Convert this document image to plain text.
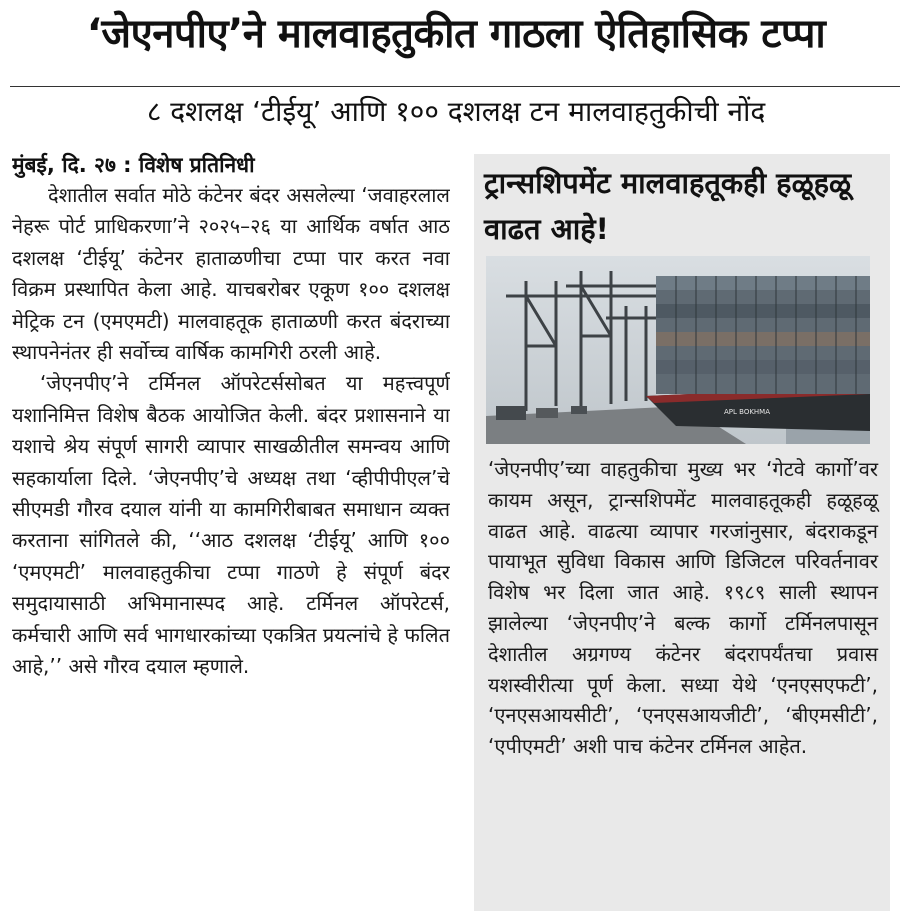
‘जेएनपीए’ने मालवाहतुकीत गाठला ऐतिहासिक टप्पा
८ दशलक्ष ‘टीईयू’ आणि १०० दशलक्ष टन मालवाहतुकीची नोंद
मुंबई, दि. २७ : विशेष प्रतिनिधी

देशातील सर्वात मोठे कंटेनर बंदर असलेल्या ‘जवाहरलाल नेहरू पोर्ट प्राधिकरणा’ने २०२५–२६ या आर्थिक वर्षात आठ दशलक्ष ‘टीईयू’ कंटेनर हाताळणीचा टप्पा पार करत नवा विक्रम प्रस्थापित केला आहे. याचबरोबर एकूण १०० दशलक्ष मेट्रिक टन (एमएमटी) मालवाहतूक हाताळणी करत बंदराच्या स्थापनेनंतर ही सर्वोच्च वार्षिक कामगिरी ठरली आहे.

‘जेएनपीए’ने टर्मिनल ऑपरेटर्ससोबत या महत्त्वपूर्ण यशानिमित्त विशेष बैठक आयोजित केली. बंदर प्रशासनाने या यशाचे श्रेय संपूर्ण सागरी व्यापार साखळीतील समन्वय आणि सहकार्याला दिले. ‘जेएनपीए’चे अध्यक्ष तथा ‘व्हीपीपीएल’चे सीएमडी गौरव दयाल यांनी या कामगिरीबाबत समाधान व्यक्त करताना सांगितले की, ‘‘आठ दशलक्ष ‘टीईयू’ आणि १०० ‘एमएमटी’ मालवाहतुकीचा टप्पा गाठणे हे संपूर्ण बंदर समुदायासाठी अभिमानास्पद आहे. टर्मिनल ऑपरेटर्स, कर्मचारी आणि सर्व भागधारकांच्या एकत्रित प्रयत्नांचे हे फलित आहे,’’ असे गौरव दयाल म्हणाले.

ट्रान्सशिपमेंट मालवाहतूकही हळूहळू वाढत आहे!
APL BOKHMA

‘जेएनपीए’च्या वाहतुकीचा मुख्य भर ‘गेटवे कार्गो’वर कायम असून, ट्रान्सशिपमेंट मालवाहतूकही हळूहळू वाढत आहे. वाढत्या व्यापार गरजांनुसार, बंदराकडून पायाभूत सुविधा विकास आणि डिजिटल परिवर्तनावर विशेष भर दिला जात आहे. १९८९ साली स्थापन झालेल्या ‘जेएनपीए’ने बल्क कार्गो टर्मिनलपासून देशातील अग्रगण्य कंटेनर बंदरापर्यंतचा प्रवास यशस्वीरीत्या पूर्ण केला. सध्या येथे ‘एनएसएफटी’, ‘एनएसआयसीटी’, ‘एनएसआयजीटी’, ‘बीएमसीटी’, ‘एपीएमटी’ अशी पाच कंटेनर टर्मिनल आहेत.
